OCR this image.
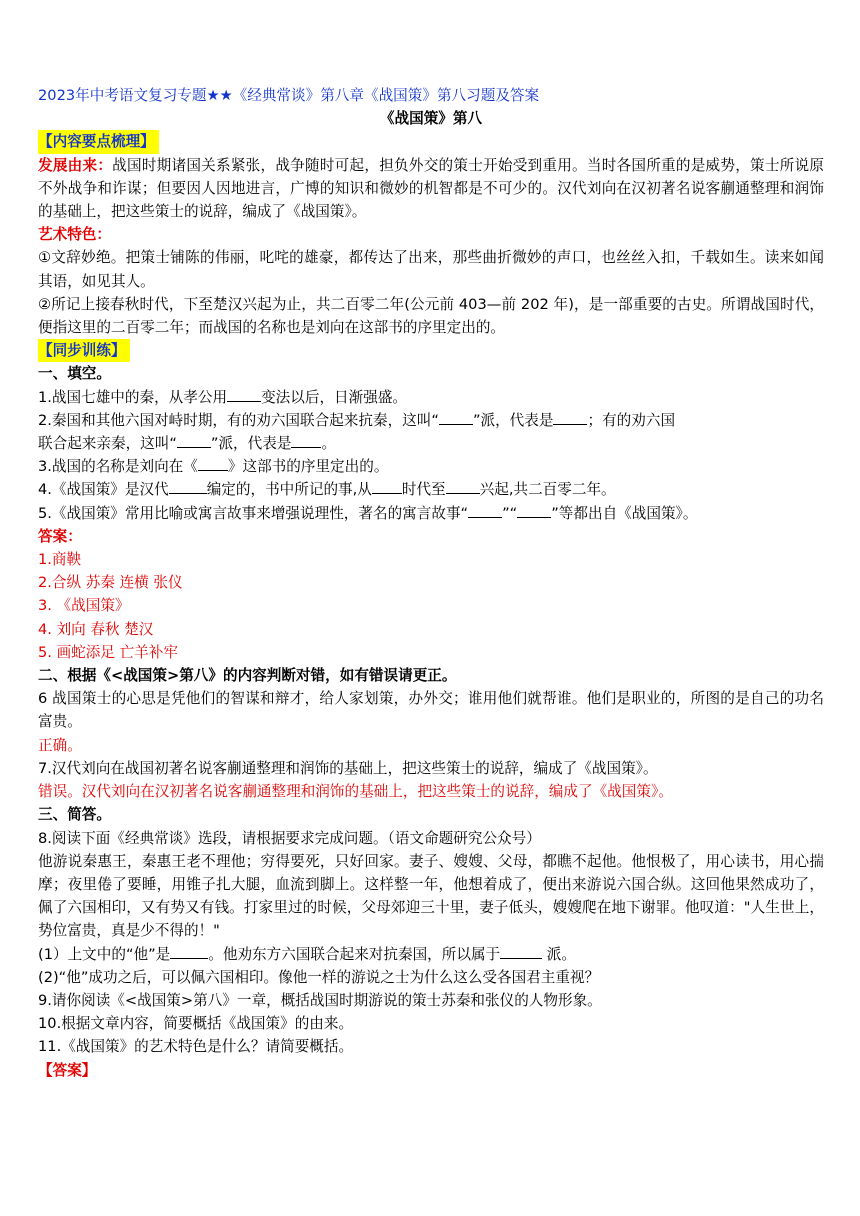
2023年中考语文复习专题★★《经典常谈》第八章《战国策》第八习题及答案

《战国策》第八

【内容要点梳理】

发展由来：战国时期诸国关系紧张，战争随时可起，担负外交的策士开始受到重用。当时各国所重的是威势，策士所说原不外战争和诈谋；但要因人因地进言，广博的知识和微妙的机智都是不可少的。汉代刘向在汉初著名说客蒯通整理和润饰的基础上，把这些策士的说辞，编成了《战国策》。

艺术特色：

①文辞妙绝。把策士铺陈的伟丽，叱咤的雄豪，都传达了出来，那些曲折微妙的声口，也丝丝入扣，千载如生。读来如闻其语，如见其人。

②所记上接春秋时代，下至楚汉兴起为止，共二百零二年(公元前 403—前 202 年)，是一部重要的古史。所谓战国时代，便指这里的二百零二年；而战国的名称也是刘向在这部书的序里定出的。

【同步训练】

一、填空。

1.战国七雄中的秦，从孝公用 变法以后，日渐强盛。

2.秦国和其他六国对峙时期，有的劝六国联合起来抗秦，这叫“ ”派，代表是 ；有的劝六国
联合起来亲秦，这叫“ ”派，代表是 。

3.战国的名称是刘向在《 》这部书的序里定出的。

4.《战国策》是汉代	编定的，书中所记的事,从 时代至 兴起,共二百零二年。

5.《战国策》常用比喻或寓言故事来增强说理性，著名的寓言故事“ ”“ ”等都出自《战国策》。

答案：

1.商鞅

2.合纵 苏秦 连横 张仪

3. 《战国策》

4. 刘向 春秋 楚汉

5. 画蛇添足 亡羊补牢

二、根据《<战国策>第八》的内容判断对错，如有错误请更正。

6 战国策士的心思是凭他们的智谋和辩才，给人家划策，办外交；谁用他们就帮谁。他们是职业的，所图的是自己的功名富贵。

正确。

7.汉代刘向在战国初著名说客蒯通整理和润饰的基础上，把这些策士的说辞，编成了《战国策》。

错误。汉代刘向在汉初著名说客蒯通整理和润饰的基础上，把这些策士的说辞，编成了《战国策》。

三、简答。

8.阅读下面《经典常谈》选段，请根据要求完成问题。（语文命题研究公众号）

他游说秦惠王，秦惠王老不理他；穷得要死，只好回家。妻子、嫂嫂、父母，都瞧不起他。他恨极了，用心读书，用心揣摩；夜里倦了要睡，用锥子扎大腿，血流到脚上。这样整一年，他想着成了，便出来游说六国合纵。这回他果然成功了，佩了六国相印，又有势又有钱。打家里过的时候，父母郊迎三十里，妻子低头，嫂嫂爬在地下谢罪。他叹道："人生世上，势位富贵，真是少不得的！"

(1）上文中的“他”是	。他劝东方六国联合起来对抗秦国，所以属于	派。

(2)“他”成功之后，可以佩六国相印。像他一样的游说之士为什么这么受各国君主重视？

9.请你阅读《<战国策>第八》一章，概括战国时期游说的策士苏秦和张仪的人物形象。

10.根据文章内容，简要概括《战国策》的由来。

11.《战国策》的艺术特色是什么？请简要概括。

【答案】
